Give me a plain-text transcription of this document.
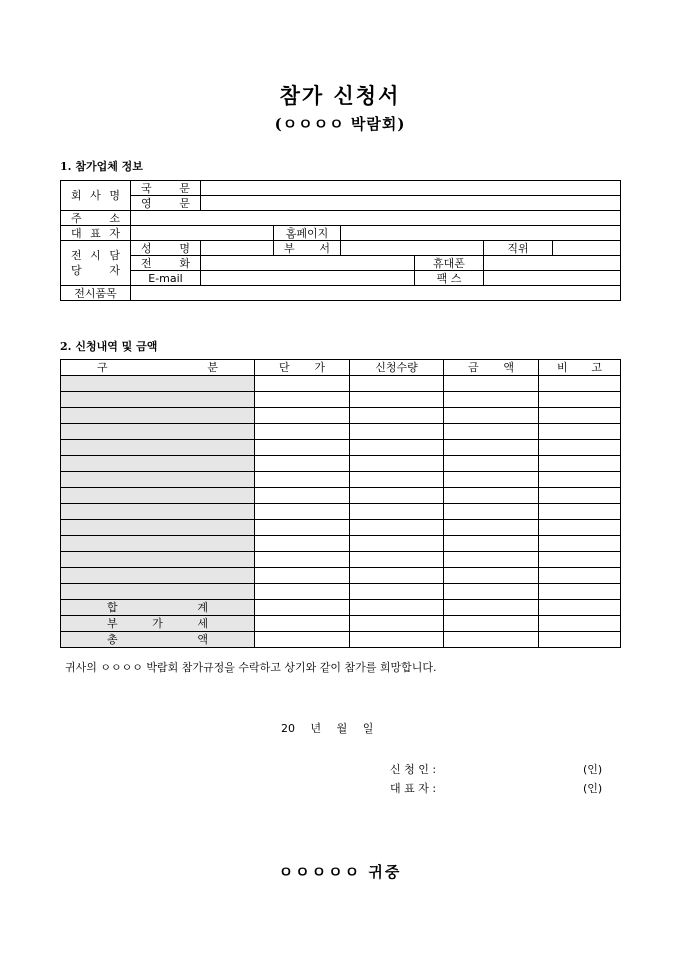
참가 신청서
(ㅇㅇㅇㅇ 박람회)
1. 참가업체 정보
회 사 명	국 문						
	영 문						
주 소							
대 표 자			홈페이지				
전 시 담 당 자	성 명		부 서			직위	
	전 화				휴대폰		
	E-mail				팩 스		
전시품목							
2. 신청내역 및 금액
구 분	단 가	신청수량	금 액	비 고

합 계				
부 가 세				
총 액				
귀사의 ㅇㅇㅇㅇ 박람회 참가규정을 수락하고 상기와 같이 참가를 희망합니다.
20 년 월 일
신 청 인 :	(인)
대 표 자 :	(인)
ㅇㅇㅇㅇㅇ 귀중
